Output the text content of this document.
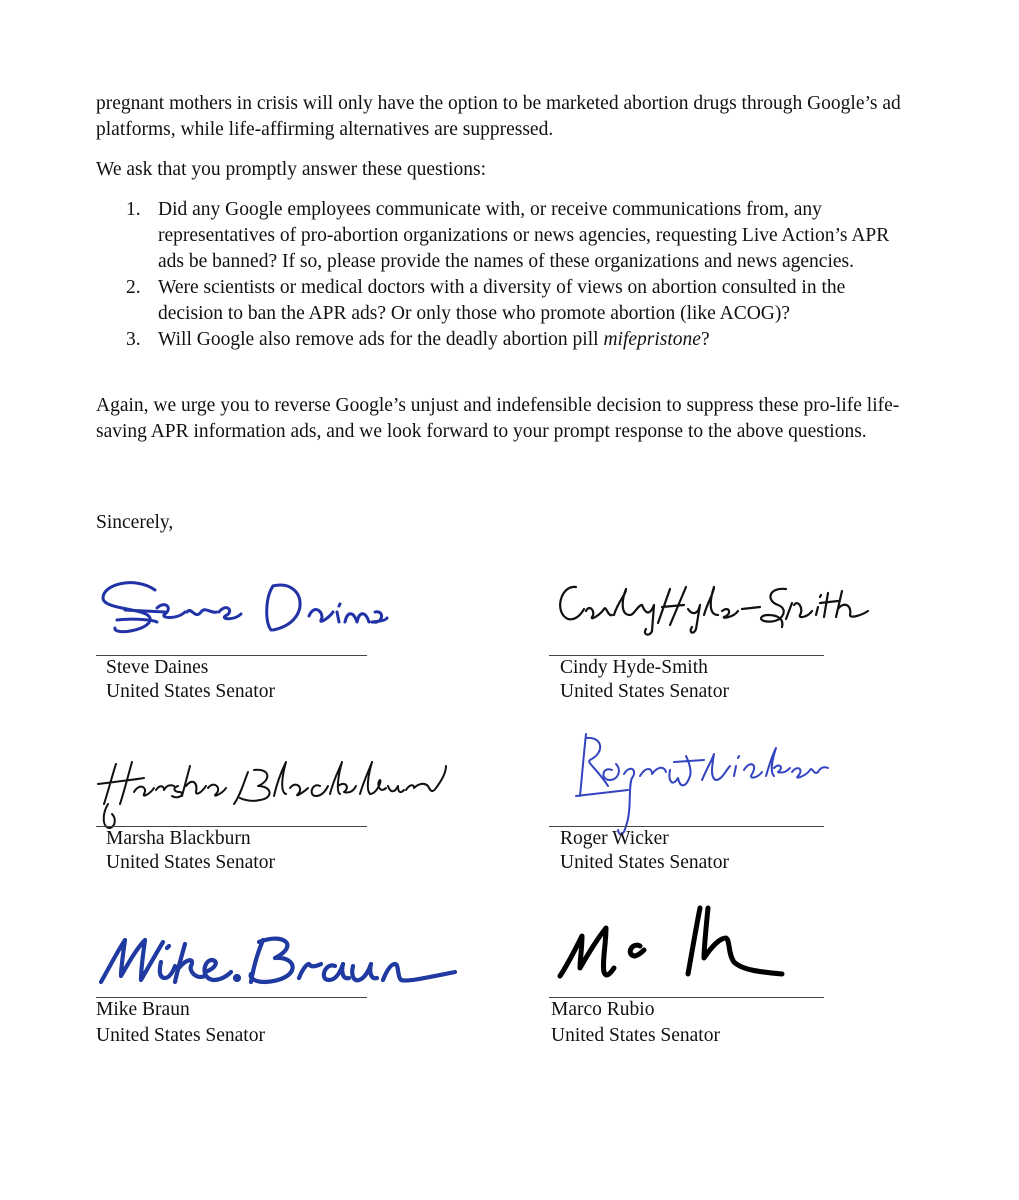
pregnant mothers in crisis will only have the option to be marketed abortion drugs through Google’s ad platforms, while life-affirming alternatives are suppressed.

We ask that you promptly answer these questions:

1. Did any Google employees communicate with, or receive communications from, any representatives of pro-abortion organizations or news agencies, requesting Live Action’s APR ads be banned? If so, please provide the names of these organizations and news agencies.
2. Were scientists or medical doctors with a diversity of views on abortion consulted in the decision to ban the APR ads? Or only those who promote abortion (like ACOG)?
3. Will Google also remove ads for the deadly abortion pill mifepristone?

Again, we urge you to reverse Google’s unjust and indefensible decision to suppress these pro-life life-saving APR information ads, and we look forward to your prompt response to the above questions.

Sincerely,

Steve Daines
United States Senator
Cindy Hyde-Smith
United States Senator
Marsha Blackburn
United States Senator
Roger Wicker
United States Senator
Mike Braun
United States Senator
Marco Rubio
United States Senator
